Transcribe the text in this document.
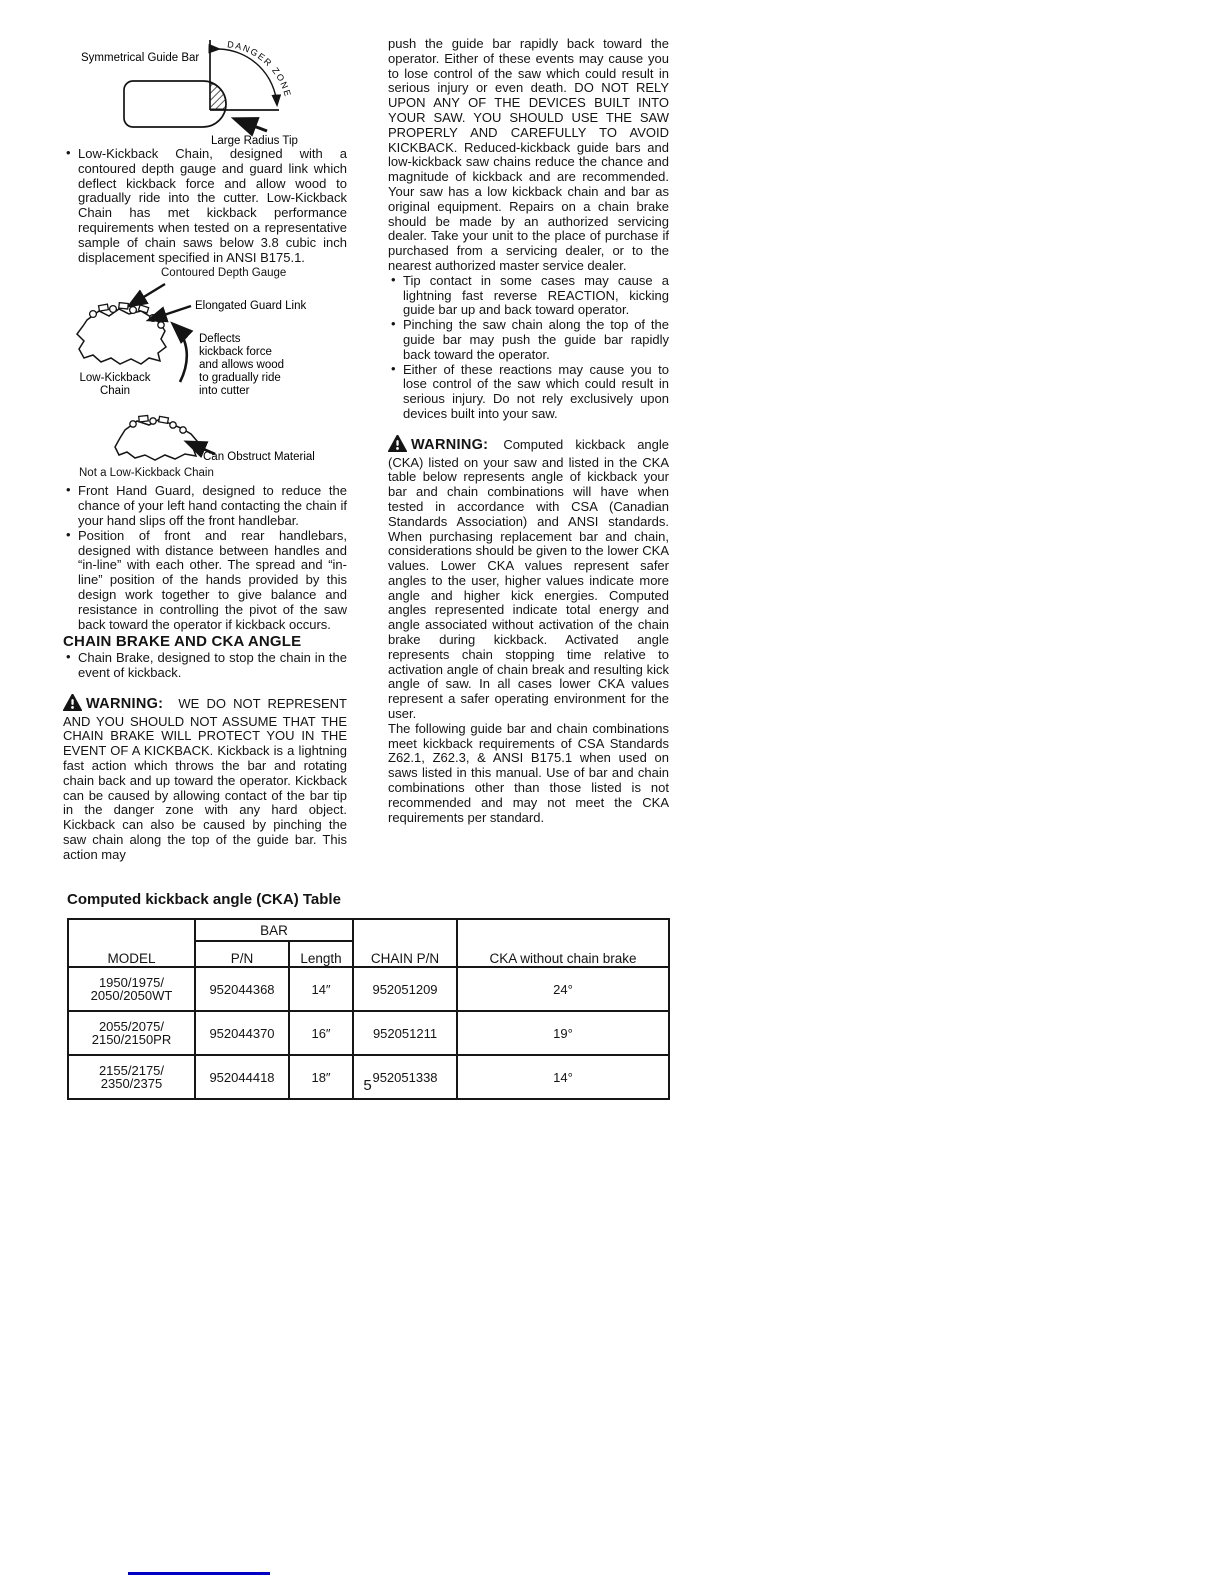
Symmetrical Guide Bar
DANGER ZONE
Large Radius Tip

• Low-Kickback Chain, designed with a contoured depth gauge and guard link which deflect kickback force and allow wood to gradually ride into the cutter. Low-Kickback Chain has met kickback performance requirements when tested on a representative sample of chain saws below 3.8 cubic inch displacement specified in ANSI B175.1.

Contoured Depth Gauge

Elongated Guard Link
Deflects
kickback force
and allows wood
to gradually ride
into cutter
Low-Kickback
Chain
Can Obstruct Material

Not a Low-Kickback Chain

• Front Hand Guard, designed to reduce the chance of your left hand contacting the chain if your hand slips off the front handlebar.

• Position of front and rear handlebars, designed with distance between handles and “in-line” with each other. The spread and “in-line” position of the hands provided by this design work together to give balance and resistance in controlling the pivot of the saw back toward the operator if kickback occurs.

CHAIN BRAKE AND CKA ANGLE

• Chain Brake, designed to stop the chain in the event of kickback.

WARNING: WE DO NOT REPRESENT AND YOU SHOULD NOT ASSUME THAT THE CHAIN BRAKE WILL PROTECT YOU IN THE EVENT OF A KICKBACK. Kickback is a lightning fast action which throws the bar and rotating chain back and up toward the operator. Kickback can be caused by allowing contact of the bar tip in the danger zone with any hard object. Kickback can also be caused by pinching the saw chain along the top of the guide bar. This action may

push the guide bar rapidly back toward the operator. Either of these events may cause you to lose control of the saw which could result in serious injury or even death. DO NOT RELY UPON ANY OF THE DEVICES BUILT INTO YOUR SAW. YOU SHOULD USE THE SAW PROPERLY AND CAREFULLY TO AVOID KICKBACK. Reduced-kickback guide bars and low-kickback saw chains reduce the chance and magnitude of kickback and are recommended. Your saw has a low kickback chain and bar as original equipment. Repairs on a chain brake should be made by an authorized servicing dealer. Take your unit to the place of purchase if purchased from a servicing dealer, or to the nearest authorized master service dealer.

• Tip contact in some cases may cause a lightning fast reverse REACTION, kicking guide bar up and back toward operator.

• Pinching the saw chain along the top of the guide bar may push the guide bar rapidly back toward the operator.

• Either of these reactions may cause you to lose control of the saw which could result in serious injury. Do not rely exclusively upon devices built into your saw.

WARNING: Computed kickback angle (CKA) listed on your saw and listed in the CKA table below represents angle of kickback your bar and chain combinations will have when tested in accordance with CSA (Canadian Standards Association) and ANSI standards. When purchasing replacement bar and chain, considerations should be given to the lower CKA values. Lower CKA values represent safer angles to the user, higher values indicate more angle and higher kick energies. Computed angles represented indicate total energy and angle associated without activation of the chain brake during kickback. Activated angle represents chain stopping time relative to activation angle of chain break and resulting kick angle of saw. In all cases lower CKA values represent a safer operating environment for the user.

The following guide bar and chain combinations meet kickback requirements of CSA Standards Z62.1, Z62.3, & ANSI B175.1 when used on saws listed in this manual. Use of bar and chain combinations other than those listed is not recommended and may not meet the CKA requirements per standard.

Computed kickback angle (CKA) Table
MODEL	BAR		CHAIN P/N	CKA without chain brake
	P/N	Length		

1950/1975/
2050/2050WT	952044368	14″	952051209	24°

2055/2075/
2150/2150PR	952044370	16″	952051211	19°

2155/2175/
2350/2375	952044418	18″	952051338	14°
5
